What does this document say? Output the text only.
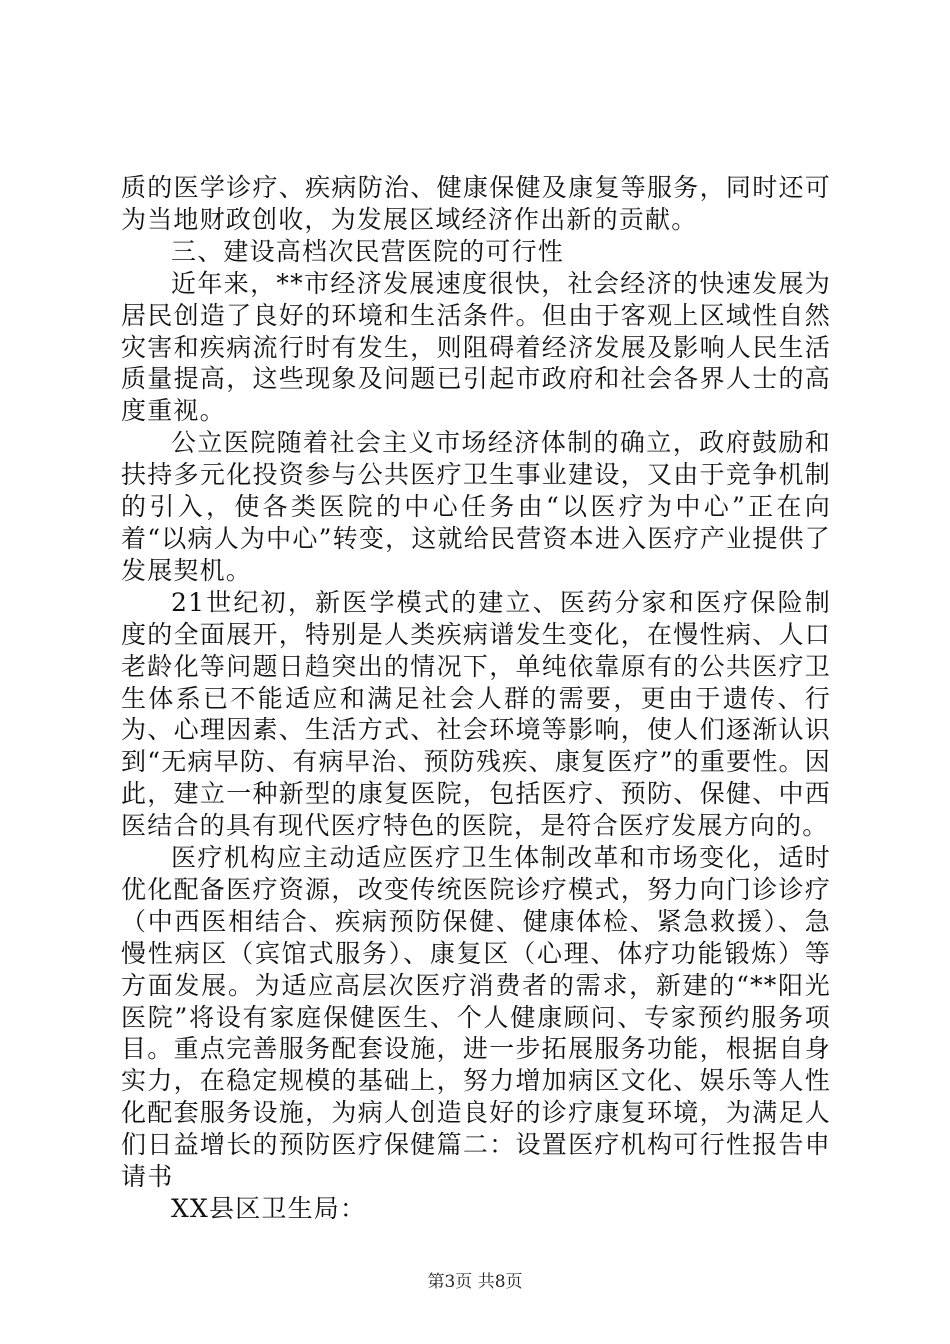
质的医学诊疗、疾病防治、健康保健及康复等服务，同时还可为当地财政创收，为发展区域经济作出新的贡献。

三、建设高档次民营医院的可行性

近年来，**市经济发展速度很快，社会经济的快速发展为居民创造了良好的环境和生活条件。但由于客观上区域性自然灾害和疾病流行时有发生，则阻碍着经济发展及影响人民生活质量提高，这些现象及问题已引起市政府和社会各界人士的高度重视。

公立医院随着社会主义市场经济体制的确立，政府鼓励和扶持多元化投资参与公共医疗卫生事业建设，又由于竞争机制的引入，使各类医院的中心任务由“以医疗为中心”正在向着“以病人为中心”转变，这就给民营资本进入医疗产业提供了发展契机。

21世纪初，新医学模式的建立、医药分家和医疗保险制度的全面展开，特别是人类疾病谱发生变化，在慢性病、人口老龄化等问题日趋突出的情况下，单纯依靠原有的公共医疗卫生体系已不能适应和满足社会人群的需要，更由于遗传、行为、心理因素、生活方式、社会环境等影响，使人们逐渐认识到“无病早防、有病早治、预防残疾、康复医疗”的重要性。因此，建立一种新型的康复医院，包括医疗、预防、保健、中西医结合的具有现代医疗特色的医院，是符合医疗发展方向的。

医疗机构应主动适应医疗卫生体制改革和市场变化，适时优化配备医疗资源，改变传统医院诊疗模式，努力向门诊诊疗（中西医相结合、疾病预防保健、健康体检、紧急救援）、急慢性病区（宾馆式服务）、康复区（心理、体疗功能锻炼）等方面发展。为适应高层次医疗消费者的需求，新建的“**阳光医院”将设有家庭保健医生、个人健康顾问、专家预约服务项目。重点完善服务配套设施，进一步拓展服务功能，根据自身实力，在稳定规模的基础上，努力增加病区文化、娱乐等人性化配套服务设施，为病人创造良好的诊疗康复环境，为满足人们日益增长的预防医疗保健篇二：设置医疗机构可行性报告申请书

XX县区卫生局：

第3页 共8页
